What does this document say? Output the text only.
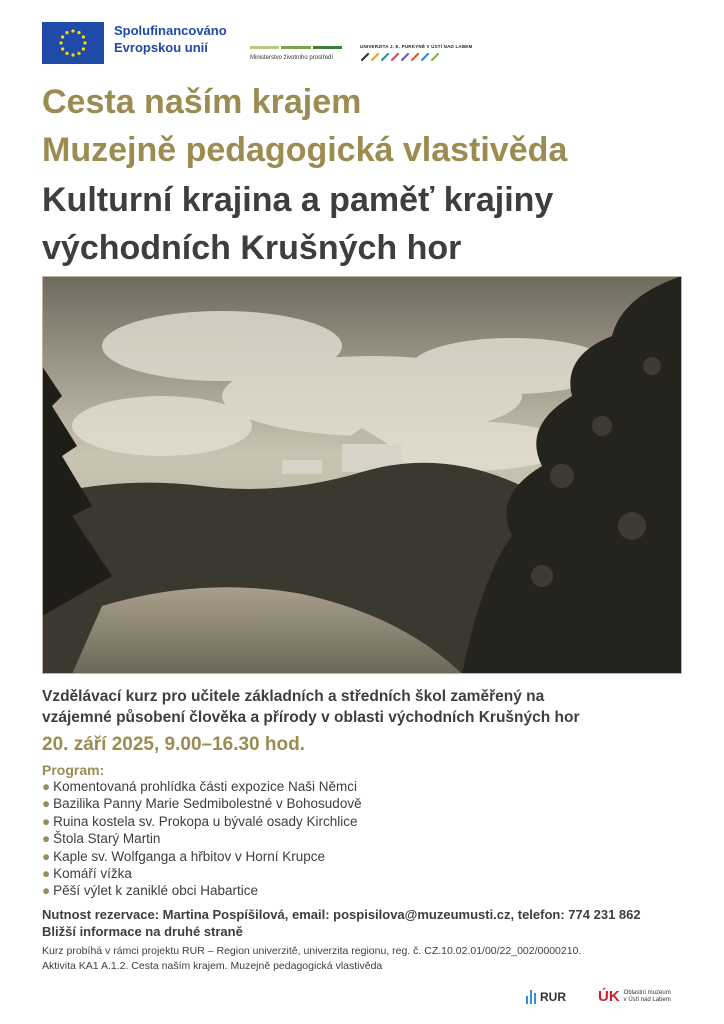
Spolufinancováno
Evropskou unií
Ministerstvo životního prostředí
UNIVERZITA J. E. PURKYNĚ V ÚSTÍ NAD LABEM
Cesta naším krajem
Muzejně pedagogická vlastivěda
Kulturní krajina a paměť krajiny
východních Krušných hor
Vzdělávací kurz pro učitele základních a středních škol zaměřený na
vzájemné působení člověka a přírody v oblasti východních Krušných hor
20. září 2025, 9.00–16.30 hod.
Program:
● Komentovaná prohlídka části expozice Naši Němci
● Bazilika Panny Marie Sedmibolestné v Bohosudově
● Ruina kostela sv. Prokopa u bývalé osady Kirchlice
● Štola Starý Martin
● Kaple sv. Wolfganga a hřbitov v Horní Krupce
● Komáří vížka
● Pěší výlet k zaniklé obci Habartice
Nutnost rezervace: Martina Pospíšilová, email: pospisilova@muzeumusti.cz, telefon: 774 231 862
Bližší informace na druhé straně
Kurz probíhá v rámci projektu RUR – Region univerzitě, univerzita regionu, reg. č. CZ.10.02.01/00/22_002/0000210.
Aktivita KA1 A.1.2. Cesta naším krajem. Muzejně pedagogická vlastivěda
RUR ÚK Oblastní muzeum
v Ústí nad Labem
